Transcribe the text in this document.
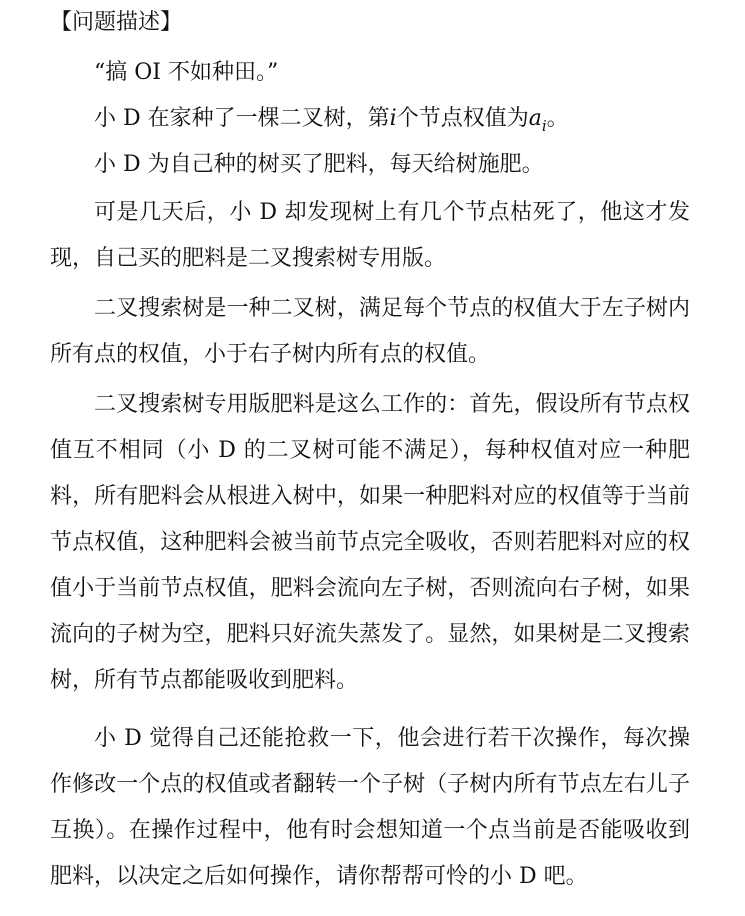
【问题描述】

“搞 OI 不如种田。”

小 D 在家种了一棵二叉树，第i个节点权值为$a_i$。

小 D 为自己种的树买了肥料，每天给树施肥。

可是几天后，小 D 却发现树上有几个节点枯死了，他这才发现，自己买的肥料是二叉搜索树专用版。

二叉搜索树是一种二叉树，满足每个节点的权值大于左子树内所有点的权值，小于右子树内所有点的权值。

二叉搜索树专用版肥料是这么工作的：首先，假设所有节点权值互不相同（小 D 的二叉树可能不满足），每种权值对应一种肥料，所有肥料会从根进入树中，如果一种肥料对应的权值等于当前节点权值，这种肥料会被当前节点完全吸收，否则若肥料对应的权值小于当前节点权值，肥料会流向左子树，否则流向右子树，如果流向的子树为空，肥料只好流失蒸发了。显然，如果树是二叉搜索树，所有节点都能吸收到肥料。

小 D 觉得自己还能抢救一下，他会进行若干次操作，每次操作修改一个点的权值或者翻转一个子树（子树内所有节点左右儿子互换）。在操作过程中，他有时会想知道一个点当前是否能吸收到肥料，以决定之后如何操作，请你帮帮可怜的小 D 吧。
